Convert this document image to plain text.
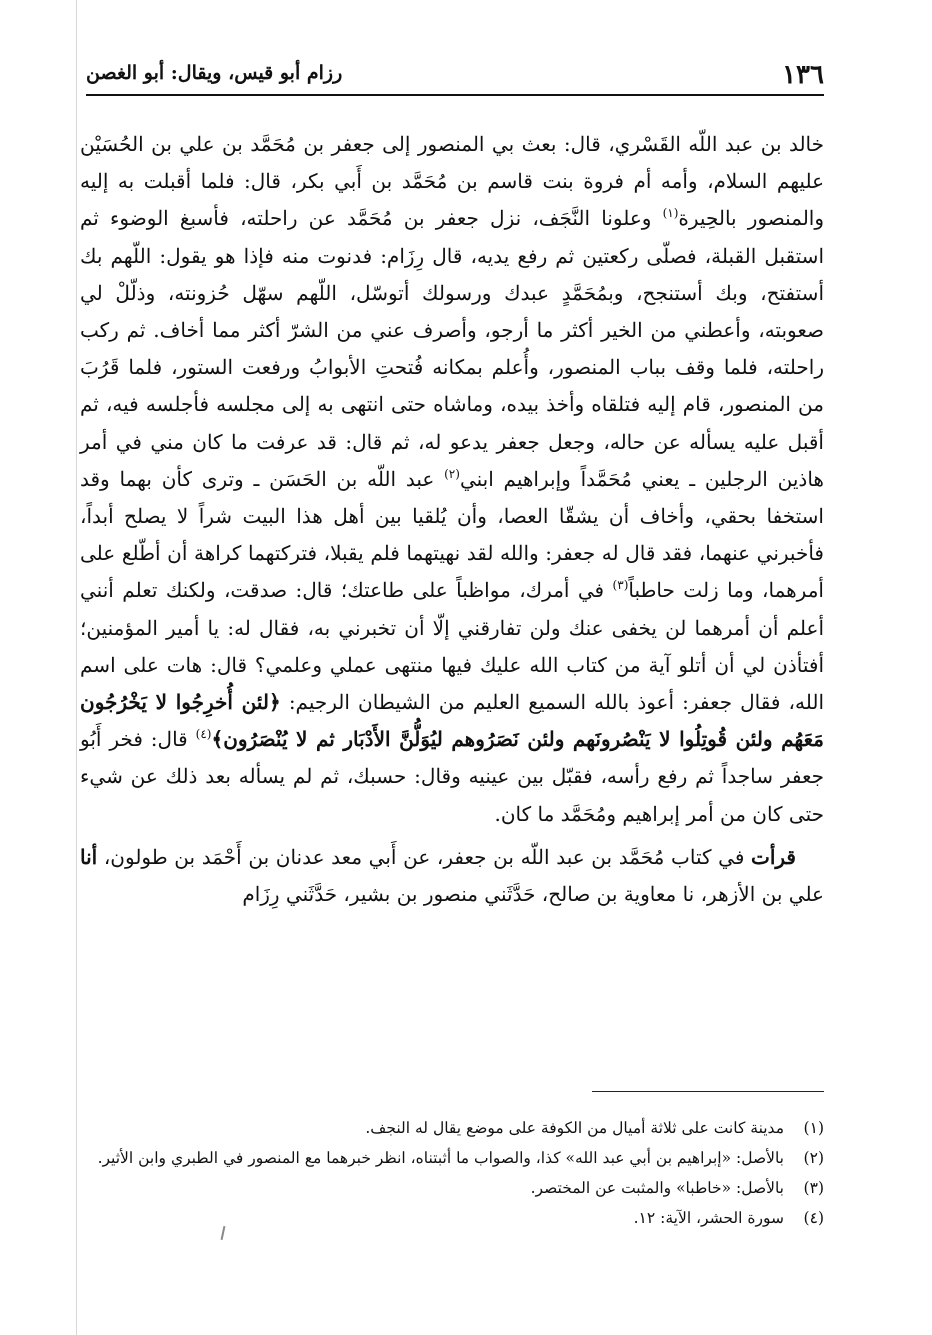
١٣٦
رزام أبو قيس، ويقال: أبو الغصن

خالد بن عبد اللّه القَسْري، قال: بعث بي المنصور إلى جعفر بن مُحَمَّد بن علي بن الحُسَيْن عليهم السلام، وأمه أم فروة بنت قاسم بن مُحَمَّد بن أَبي بكر، قال: فلما أقبلت به إليه والمنصور بالحِيرة$^{(١)}$ وعلونا النَّجَف، نزل جعفر بن مُحَمَّد عن راحلته، فأسبغ الوضوء ثم استقبل القبلة، فصلّى ركعتين ثم رفع يديه، قال رِزَام: فدنوت منه فإذا هو يقول: اللّهم بك أستفتح، وبك أستنجح، وبمُحَمَّدٍ عبدك ورسولك أتوسّل، اللّهم سهّل حُزونته، وذلّلْ لي صعوبته، وأعطني من الخير أكثر ما أرجو، وأصرف عني من الشرّ أكثر مما أخاف. ثم ركب راحلته، فلما وقف بباب المنصور، وأُعلم بمكانه فُتحتِ الأبوابُ ورفعت الستور، فلما قَرُبَ من المنصور، قام إليه فتلقاه وأخذ بيده، وماشاه حتى انتهى به إلى مجلسه فأجلسه فيه، ثم أقبل عليه يسأله عن حاله، وجعل جعفر يدعو له، ثم قال: قد عرفت ما كان مني في أمر هاذين الرجلين ـ يعني مُحَمَّداً وإبراهيم ابني$^{(٢)}$ عبد اللّه بن الحَسَن ـ وترى كأن بهما وقد استخفا بحقي، وأخاف أن يشقّا العصا، وأن يُلقيا بين أهل هذا البيت شراً لا يصلح أبداً، فأخبرني عنهما، فقد قال له جعفر: والله لقد نهيتهما فلم يقبلا، فتركتهما كراهة أن أطّلع على أمرهما، وما زلت حاطباً$^{(٣)}$ في أمرك، مواظباً على طاعتك؛ قال: صدقت، ولكنك تعلم أنني أعلم أن أمرهما لن يخفى عنك ولن تفارقني إلّا أن تخبرني به، فقال له: يا أمير المؤمنين؛ أفتأذن لي أن أتلو آية من كتاب الله عليك فيها منتهى عملي وعلمي؟ قال: هات على اسم الله، فقال جعفر: أعوذ بالله السميع العليم من الشيطان الرجيم: ﴿لئن أُخرِجُوا لا يَخْرُجُون مَعَهُم ولئن قُوتِلُوا لا يَنْصُرونَهم ولئن نَصَرُوهم ليُوَلُّنَّ الأَدْبَار ثم لا يُنْصَرُون﴾$^{(٤)}$ قال: فخر أَبُو جعفر ساجداً ثم رفع رأسه، فقبّل بين عينيه وقال: حسبك، ثم لم يسأله بعد ذلك عن شيء حتى كان من أمر إبراهيم ومُحَمَّد ما كان.

قرأت في كتاب مُحَمَّد بن عبد اللّه بن جعفر، عن أَبي معد عدنان بن أَحْمَد بن طولون، أنا علي بن الأزهر، نا معاوية بن صالح، حَدَّثَني منصور بن بشير، حَدَّثَني رِزَام

(١)
مدينة كانت على ثلاثة أميال من الكوفة على موضع يقال له النجف.
(٢)
بالأصل: «إبراهيم بن أبي عبد الله» كذا، والصواب ما أثبتناه، انظر خبرهما مع المنصور في الطبري وابن الأثير.
(٣)
بالأصل: «خاطبا» والمثبت عن المختصر.
(٤)
سورة الحشر، الآية: ١٢.
